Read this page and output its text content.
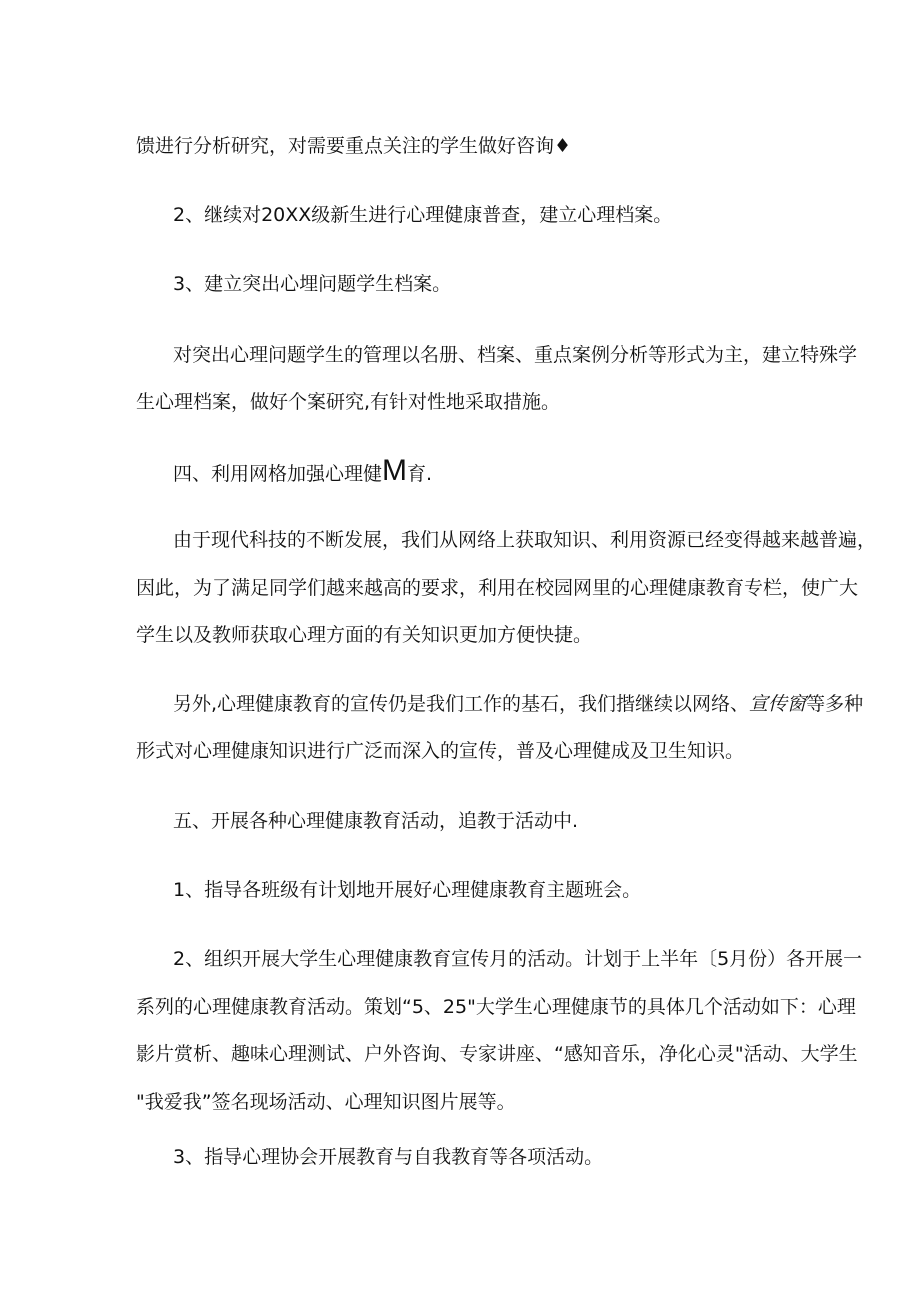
馈进行分析研究，对需要重点关注的学生做好咨询♦

2、继续对20XX级新生进行心理健康普查，建立心理档案。

3、建立突出心埋问题学生档案。

对突出心理问题学生的管理以名册、档案、重点案例分析等形式为主，建立特殊学

生心理档案，做好个案研究,有针对性地采取措施。

四、利用网格加强心理健M育.

由于现代科技的不断发展，我们从网络上获取知识、利用资源已经变得越来越普遍，

因此，为了满足同学们越来越高的要求，利用在校园网里的心理健康教育专栏，使广大

学生以及教师获取心理方面的有关知识更加方便快捷。

另外,心理健康教育的宣传仍是我们工作的基石，我们揩继续以网络、宣传窗等多种

形式对心理健康知识进行广泛而深入的宣传，普及心理健成及卫生知识。

五、开展各种心理健康教育活动，追教于活动中.

1、指导各班级有计划地开展好心理健康教育主题班会。

2、组织开展大学生心理健康教育宣传月的活动。计划于上半年〔5月份）各开展一

系列的心理健康教育活动。策划“5、25"大学生心理健康节的具体几个活动如下：心理

影片赏析、趣味心理测试、户外咨询、专家讲座、“感知音乐，净化心灵"活动、大学生

"我爱我”签名现场活动、心理知识图片展等。

3、指导心理协会开展教育与自我教育等各项活动。
